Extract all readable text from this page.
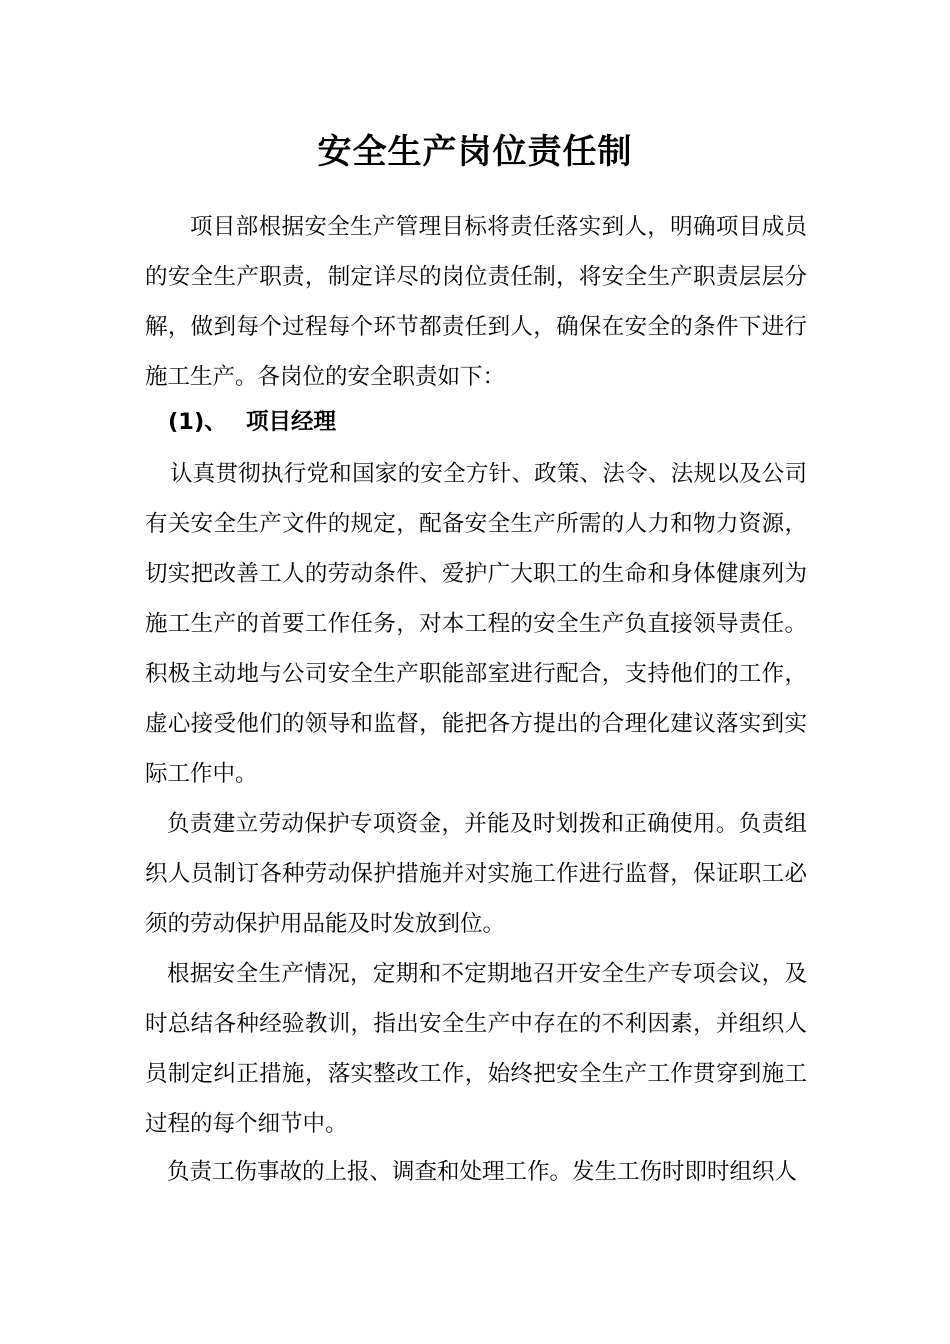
安全生产岗位责任制

项目部根据安全生产管理目标将责任落实到人，明确项目成员的安全生产职责，制定详尽的岗位责任制，将安全生产职责层层分解，做到每个过程每个环节都责任到人，确保在安全的条件下进行施工生产。各岗位的安全职责如下：

(1)、 项目经理

认真贯彻执行党和国家的安全方针、政策、法令、法规以及公司有关安全生产文件的规定，配备安全生产所需的人力和物力资源，切实把改善工人的劳动条件、爱护广大职工的生命和身体健康列为施工生产的首要工作任务，对本工程的安全生产负直接领导责任。积极主动地与公司安全生产职能部室进行配合，支持他们的工作，虚心接受他们的领导和监督，能把各方提出的合理化建议落实到实际工作中。

负责建立劳动保护专项资金，并能及时划拨和正确使用。负责组织人员制订各种劳动保护措施并对实施工作进行监督，保证职工必须的劳动保护用品能及时发放到位。

根据安全生产情况，定期和不定期地召开安全生产专项会议，及时总结各种经验教训，指出安全生产中存在的不利因素，并组织人员制定纠正措施，落实整改工作，始终把安全生产工作贯穿到施工过程的每个细节中。

负责工伤事故的上报、调查和处理工作。发生工伤时即时组织人
